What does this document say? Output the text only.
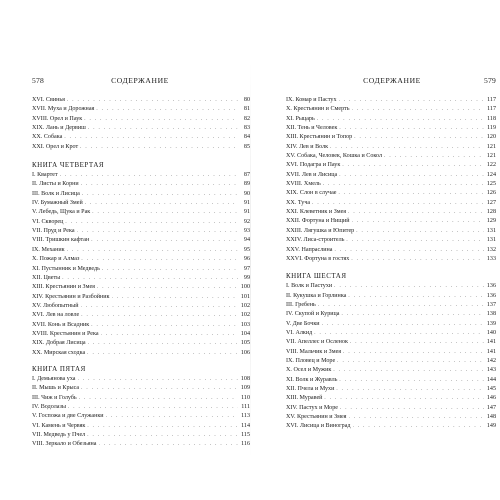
578	СОДЕРЖАНИЕ
XVI. Свинья . . .	80
XVII. Муха и Дорожная . . .	81
XVIII. Орел и Паук . . .	82
XIX. Лань и Дервиш . . .	83
XX. Собака . . .	84
XXI. Орел и Крот . . .	85
КНИГА ЧЕТВЕРТАЯ
I. Квартет . . .	87
II. Листы и Корни . . .	89
III. Волк и Лисица . . .	90
IV. Бумажный Змей . . .	91
V. Лебедь, Щука и Рак . . .	91
VI. Скворец . . .	92
VII. Пруд и Река . . .	93
VIII. Тришкин кафтан . . .	94
IX. Механик . . .	95
X. Пожар и Алмаз . . .	96
XI. Пустынник и Медведь . . .	97
XII. Цветы . . .	99
XIII. Крестьянин и Змея . . .	100
XIV. Крестьянин и Разбойник . . .	101
XV. Любопытный . . .	102
XVI. Лев на ловле . . .	102
XVII. Конь и Всадник . . .	103
XVIII. Крестьянин и Река . . .	104
XIX. Добрая Лисица . . .	105
XX. Мирская сходка . . .	106
КНИГА ПЯТАЯ
I. Демьянова уха . . .	108
II. Мышь и Крыса . . .	109
III. Чиж и Голубь . . .	110
IV. Водолазы . . .	111
V. Госпожа и две Служанки . . .	113
VI. Камень и Червяк . . .	114
VII. Медведь у Пчел . . .	115
VIII. Зеркало и Обезьяна . . .	116
СОДЕРЖАНИЕ	579
IX. Комар и Пастух . . .	117
X. Крестьянин и Смерть . . .	117
XI. Рыцарь . . .	118
XII. Тень и Человек . . .	119
XIII. Крестьянин и Топор . . .	120
XIV. Лев и Волк . . .	121
XV. Собака, Человек, Кошка и Сокол . . .	121
XVI. Подагра и Паук . . .	122
XVII. Лев и Лисица . . .	124
XVIII. Хмель . . .	125
XIX. Слон в случае . . .	126
XX. Туча . . .	127
XXI. Клеветник и Змея . . .	128
XXII. Фортуна и Нищий . . .	129
XXIII. Лягушка и Юпитер . . .	131
XXIV. Лиса-строитель . . .	131
XXV. Напраслина . . .	132
XXVI. Фортуна в гостях . . .	133
КНИГА ШЕСТАЯ
I. Волк и Пастухи . . .	136
II. Кукушка и Горлинка . . .	136
III. Гребень . . .	137
IV. Скупой и Курица . . .	138
V. Две Бочки . . .	139
VI. Алкид . . .	140
VII. Апеллес и Осленок . . .	141
VIII. Мальчик и Змея . . .	141
IX. Пловец и Море . . .	142
X. Осел и Мужик . . .	143
XI. Волк и Журавль . . .	144
XII. Пчела и Мухи . . .	145
XIII. Муравей . . .	146
XIV. Пастух и Море . . .	147
XV. Крестьянин и Змея . . .	148
XVI. Лисица и Виноград . . .	149
